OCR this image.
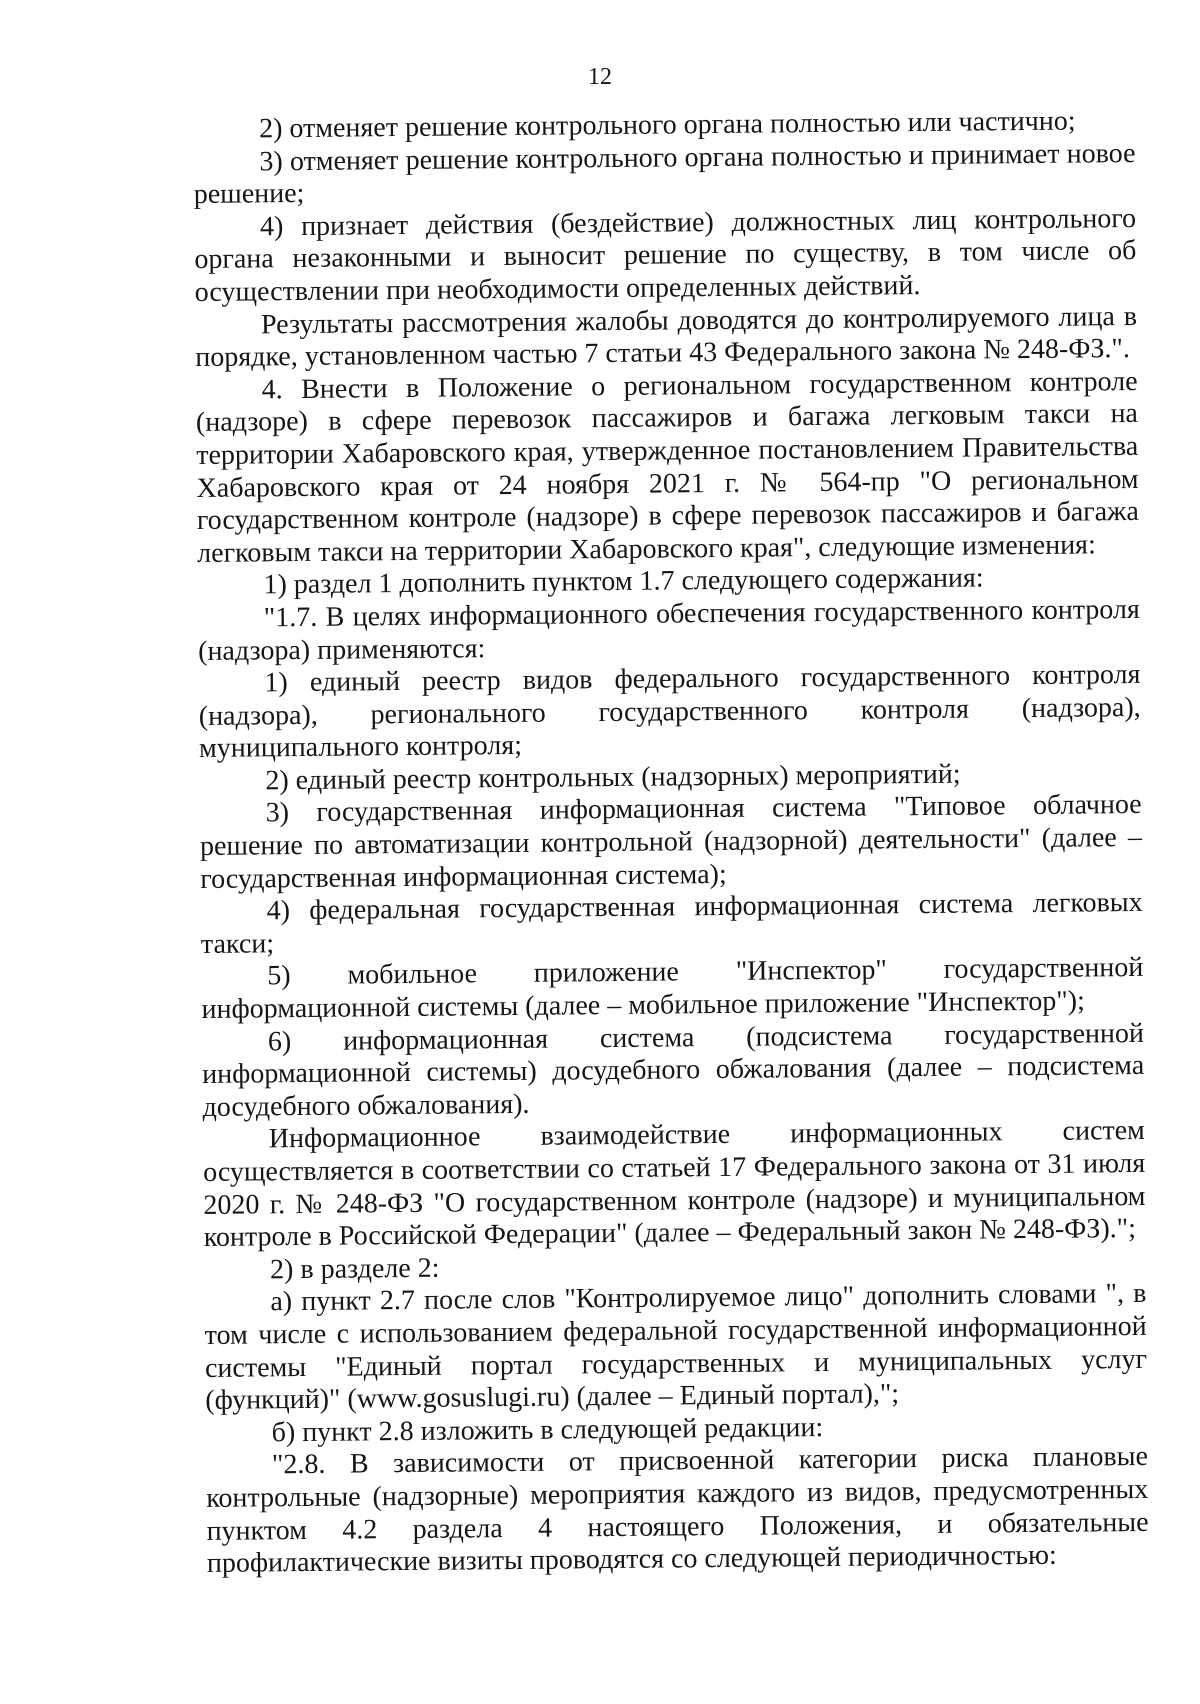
12

2) отменяет решение контрольного органа полностью или частично;

3) отменяет решение контрольного органа полностью и принимает новое решение;

4) признает действия (бездействие) должностных лиц контрольного органа незаконными и выносит решение по существу, в том числе об осуществлении при необходимости определенных действий.

Результаты рассмотрения жалобы доводятся до контролируемого лица в порядке, установленном частью 7 статьи 43 Федерального закона № 248-ФЗ.".

4. Внести в Положение о региональном государственном контроле (надзоре) в сфере перевозок пассажиров и багажа легковым такси на территории Хабаровского края, утвержденное постановлением Правительства Хабаровского края от 24 ноября 2021 г. № 564-пр "О региональном государственном контроле (надзоре) в сфере перевозок пассажиров и багажа легковым такси на территории Хабаровского края", следующие изменения:

1) раздел 1 дополнить пунктом 1.7 следующего содержания:

"1.7. В целях информационного обеспечения государственного контроля (надзора) применяются:

1) единый реестр видов федерального государственного контроля (надзора), регионального государственного контроля (надзора), муниципального контроля;

2) единый реестр контрольных (надзорных) мероприятий;

3) государственная информационная система "Типовое облачное решение по автоматизации контрольной (надзорной) деятельности" (далее – государственная информационная система);

4) федеральная государственная информационная система легковых такси;

5) мобильное приложение "Инспектор" государственной информационной системы (далее – мобильное приложение "Инспектор");

6) информационная система (подсистема государственной информационной системы) досудебного обжалования (далее – подсистема досудебного обжалования).

Информационное взаимодействие информационных систем осуществляется в соответствии со статьей 17 Федерального закона от 31 июля 2020 г. № 248-ФЗ "О государственном контроле (надзоре) и муниципальном контроле в Российской Федерации" (далее – Федеральный закон № 248-ФЗ).";

2) в разделе 2:

а) пункт 2.7 после слов "Контролируемое лицо" дополнить словами ", в том числе с использованием федеральной государственной информационной системы "Единый портал государственных и муниципальных услуг (функций)" (www.gosuslugi.ru) (далее – Единый портал),";

б) пункт 2.8 изложить в следующей редакции:

"2.8. В зависимости от присвоенной категории риска плановые контрольные (надзорные) мероприятия каждого из видов, предусмотренных пунктом 4.2 раздела 4 настоящего Положения, и обязательные профилактические визиты проводятся со следующей периодичностью:
